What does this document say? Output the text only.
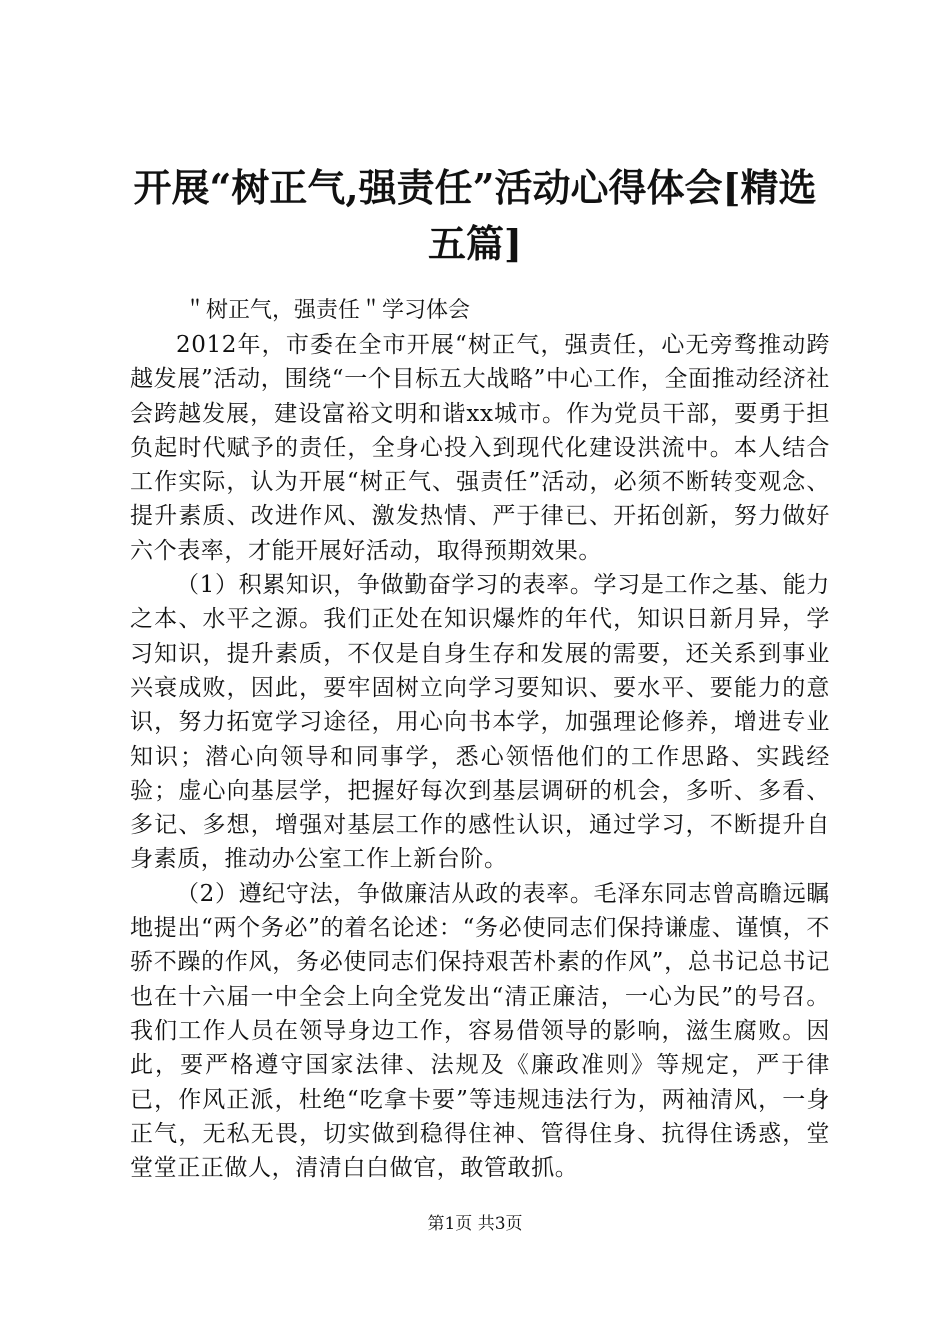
开展“树正气,强责任”活动心得体会[精选五篇]

＂树正气，强责任＂学习体会

2012年，市委在全市开展“树正气，强责任，心无旁骛推动跨越发展”活动，围绕“一个目标五大战略”中心工作，全面推动经济社会跨越发展，建设富裕文明和谐xx城市。作为党员干部，要勇于担负起时代赋予的责任，全身心投入到现代化建设洪流中。本人结合工作实际，认为开展“树正气、强责任”活动，必须不断转变观念、提升素质、改进作风、激发热情、严于律已、开拓创新，努力做好六个表率，才能开展好活动，取得预期效果。

（1）积累知识，争做勤奋学习的表率。学习是工作之基、能力之本、水平之源。我们正处在知识爆炸的年代，知识日新月异，学习知识，提升素质，不仅是自身生存和发展的需要，还关系到事业兴衰成败，因此，要牢固树立向学习要知识、要水平、要能力的意识，努力拓宽学习途径，用心向书本学，加强理论修养，增进专业知识；潜心向领导和同事学，悉心领悟他们的工作思路、实践经验；虚心向基层学，把握好每次到基层调研的机会，多听、多看、多记、多想，增强对基层工作的感性认识，通过学习，不断提升自身素质，推动办公室工作上新台阶。

（2）遵纪守法，争做廉洁从政的表率。毛泽东同志曾高瞻远瞩地提出“两个务必”的着名论述：“务必使同志们保持谦虚、谨慎，不骄不躁的作风，务必使同志们保持艰苦朴素的作风”，总书记总书记也在十六届一中全会上向全党发出“清正廉洁，一心为民”的号召。我们工作人员在领导身边工作，容易借领导的影响，滋生腐败。因此，要严格遵守国家法律、法规及《廉政准则》等规定，严于律已，作风正派，杜绝“吃拿卡要”等违规违法行为，两袖清风，一身正气，无私无畏，切实做到稳得住神、管得住身、抗得住诱惑，堂堂堂正正做人，清清白白做官，敢管敢抓。

第1页 共3页
